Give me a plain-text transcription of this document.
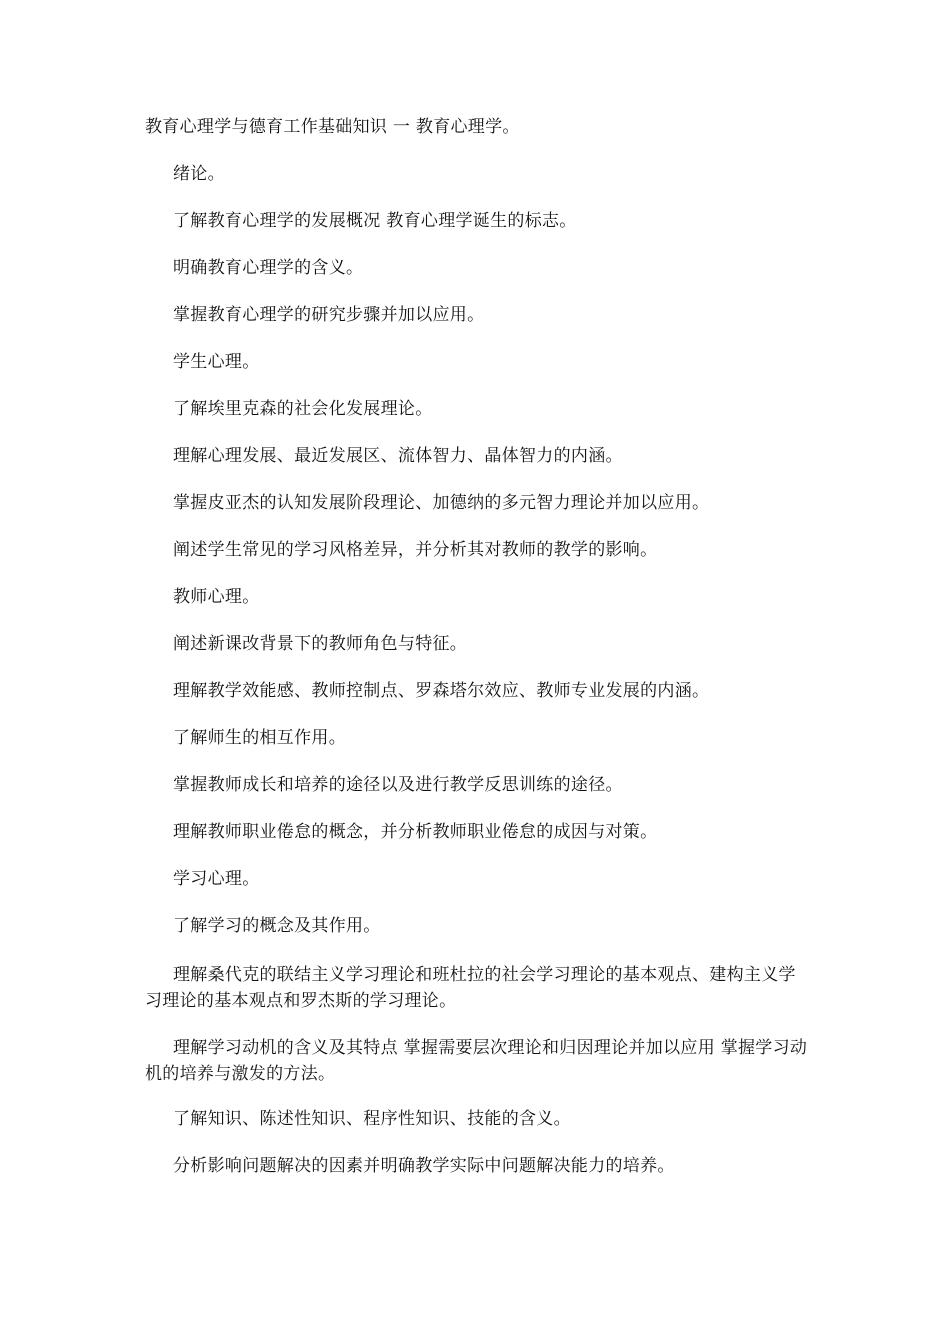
教育心理学与德育工作基础知识 一 教育心理学。

绪论。

了解教育心理学的发展概况 教育心理学诞生的标志。

明确教育心理学的含义。

掌握教育心理学的研究步骤并加以应用。

学生心理。

了解埃里克森的社会化发展理论。

理解心理发展、最近发展区、流体智力、晶体智力的内涵。

掌握皮亚杰的认知发展阶段理论、加德纳的多元智力理论并加以应用。

阐述学生常见的学习风格差异，并分析其对教师的教学的影响。

教师心理。

阐述新课改背景下的教师角色与特征。

理解教学效能感、教师控制点、罗森塔尔效应、教师专业发展的内涵。

了解师生的相互作用。

掌握教师成长和培养的途径以及进行教学反思训练的途径。

理解教师职业倦怠的概念，并分析教师职业倦怠的成因与对策。

学习心理。

了解学习的概念及其作用。

理解桑代克的联结主义学习理论和班杜拉的社会学习理论的基本观点、建构主义学习理论的基本观点和罗杰斯的学习理论。

理解学习动机的含义及其特点 掌握需要层次理论和归因理论并加以应用 掌握学习动机的培养与激发的方法。

了解知识、陈述性知识、程序性知识、技能的含义。

分析影响问题解决的因素并明确教学实际中问题解决能力的培养。
